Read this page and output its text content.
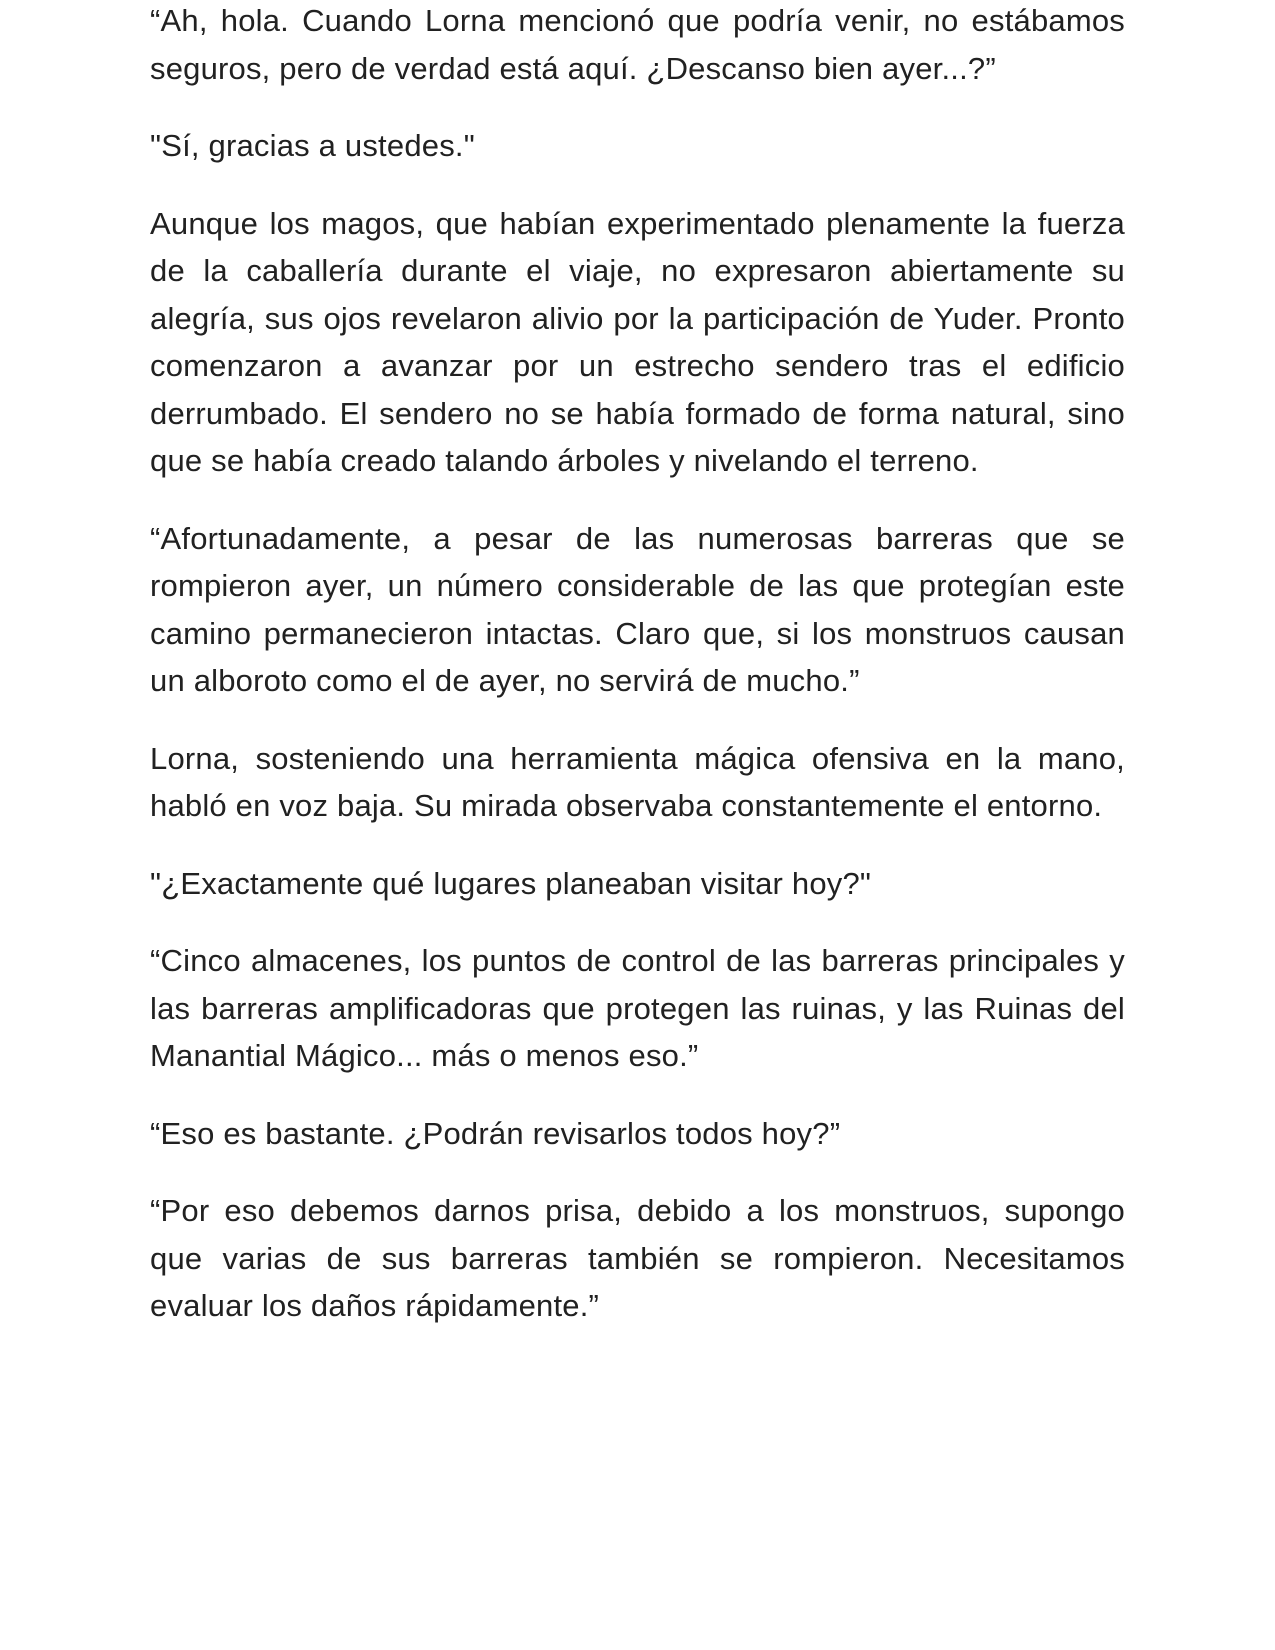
“Ah, hola. Cuando Lorna mencionó que podría venir, no estábamos seguros, pero de verdad está aquí. ¿Descanso bien ayer...?”

"Sí, gracias a ustedes."

Aunque los magos, que habían experimentado plenamente la fuerza de la caballería durante el viaje, no expresaron abiertamente su alegría, sus ojos revelaron alivio por la participación de Yuder. Pronto comenzaron a avanzar por un estrecho sendero tras el edificio derrumbado. El sendero no se había formado de forma natural, sino que se había creado talando árboles y nivelando el terreno.

“Afortunadamente, a pesar de las numerosas barreras que se rompieron ayer, un número considerable de las que protegían este camino permanecieron intactas. Claro que, si los monstruos causan un alboroto como el de ayer, no servirá de mucho.”

Lorna, sosteniendo una herramienta mágica ofensiva en la mano, habló en voz baja. Su mirada observaba constantemente el entorno.

"¿Exactamente qué lugares planeaban visitar hoy?"

“Cinco almacenes, los puntos de control de las barreras principales y las barreras amplificadoras que protegen las ruinas, y las Ruinas del Manantial Mágico... más o menos eso.”

“Eso es bastante. ¿Podrán revisarlos todos hoy?”

“Por eso debemos darnos prisa, debido a los monstruos, supongo que varias de sus barreras también se rompieron. Necesitamos evaluar los daños rápidamente.”
